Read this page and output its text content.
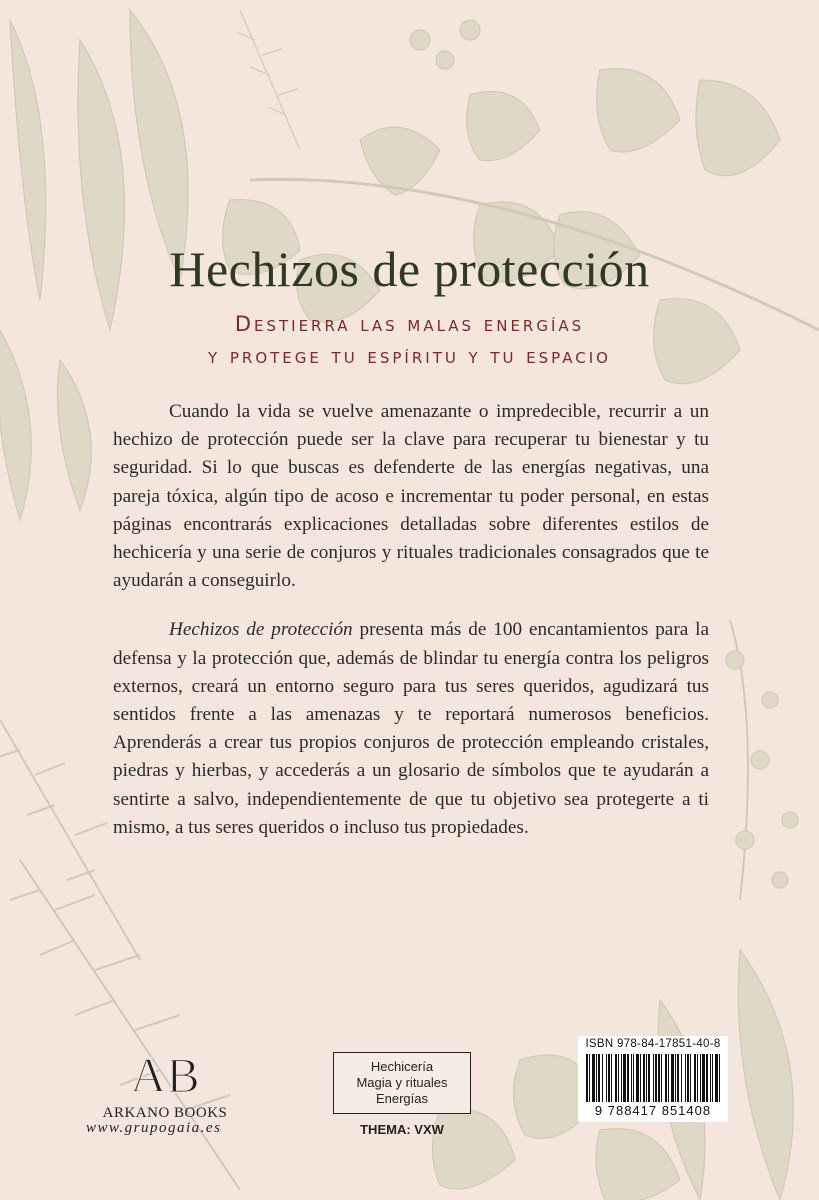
Hechizos de protección
Destierra las malas energías
y protege tu espíritu y tu espacio

Cuando la vida se vuelve amenazante o impredecible, recurrir a un hechizo de protección puede ser la clave para recuperar tu bienestar y tu seguridad. Si lo que buscas es defenderte de las energías negativas, una pareja tóxica, algún tipo de acoso e incrementar tu poder personal, en estas páginas encontrarás explicaciones detalladas sobre diferentes estilos de hechicería y una serie de conjuros y rituales tradicionales consagrados que te ayudarán a conseguirlo.

Hechizos de protección presenta más de 100 encantamientos para la defensa y la protección que, además de blindar tu energía contra los peligros externos, creará un entorno seguro para tus seres queridos, agudizará tus sentidos frente a las amenazas y te reportará numerosos beneficios. Aprenderás a crear tus propios conjuros de protección empleando cristales, piedras y hierbas, y accederás a un glosario de símbolos que te ayudarán a sentirte a salvo, independientemente de que tu objetivo sea protegerte a ti mismo, a tus seres queridos o incluso tus propiedades.

AB
ARKANO BOOKS
www.grupogaia.es
Hechicería
Magia y rituales
Energías
THEMA: VXW
ISBN 978-84-17851-40-8
9 788417 851408
